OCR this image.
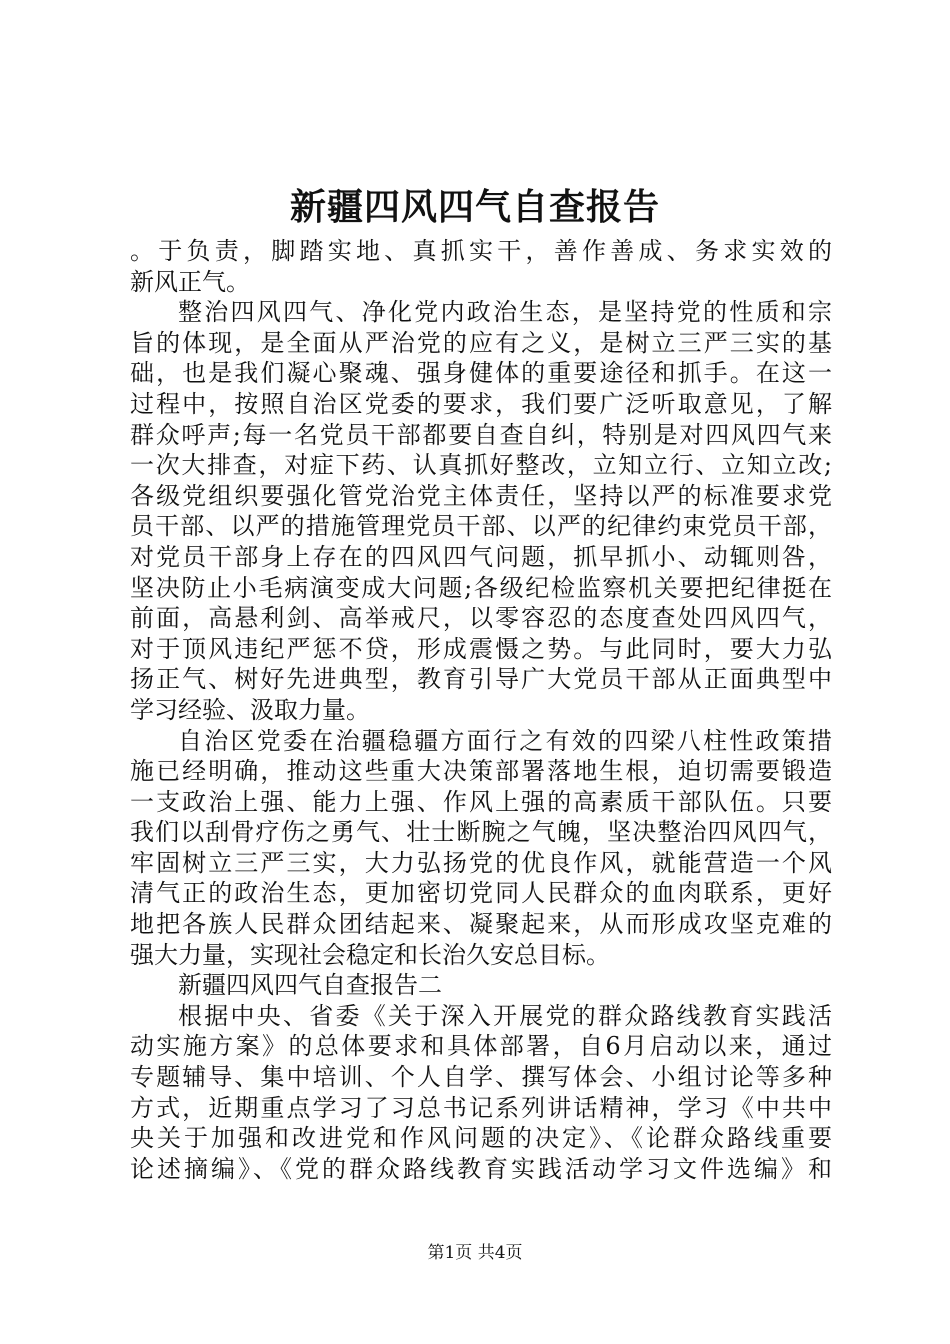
新疆四风四气自查报告
。于负责，脚踏实地、真抓实干，善作善成、务求实效的
新风正气。
整治四风四气、净化党内政治生态，是坚持党的性质和宗
旨的体现，是全面从严治党的应有之义，是树立三严三实的基
础，也是我们凝心聚魂、强身健体的重要途径和抓手。在这一
过程中，按照自治区党委的要求，我们要广泛听取意见，了解
群众呼声;每一名党员干部都要自查自纠，特别是对四风四气来
一次大排查，对症下药、认真抓好整改，立知立行、立知立改;
各级党组织要强化管党治党主体责任，坚持以严的标准要求党
员干部、以严的措施管理党员干部、以严的纪律约束党员干部，
对党员干部身上存在的四风四气问题，抓早抓小、动辄则咎，
坚决防止小毛病演变成大问题;各级纪检监察机关要把纪律挺在
前面，高悬利剑、高举戒尺，以零容忍的态度查处四风四气，
对于顶风违纪严惩不贷，形成震慑之势。与此同时，要大力弘
扬正气、树好先进典型，教育引导广大党员干部从正面典型中
学习经验、汲取力量。
自治区党委在治疆稳疆方面行之有效的四梁八柱性政策措
施已经明确，推动这些重大决策部署落地生根，迫切需要锻造
一支政治上强、能力上强、作风上强的高素质干部队伍。只要
我们以刮骨疗伤之勇气、壮士断腕之气魄，坚决整治四风四气，
牢固树立三严三实，大力弘扬党的优良作风，就能营造一个风
清气正的政治生态，更加密切党同人民群众的血肉联系，更好
地把各族人民群众团结起来、凝聚起来，从而形成攻坚克难的
强大力量，实现社会稳定和长治久安总目标。
新疆四风四气自查报告二
根据中央、省委《关于深入开展党的群众路线教育实践活
动实施方案》的总体要求和具体部署，自6月启动以来，通过
专题辅导、集中培训、个人自学、撰写体会、小组讨论等多种
方式，近期重点学习了习总书记系列讲话精神，学习《中共中
央关于加强和改进党和作风问题的决定》、《论群众路线重要
论述摘编》、《党的群众路线教育实践活动学习文件选编》和
第1页 共4页
